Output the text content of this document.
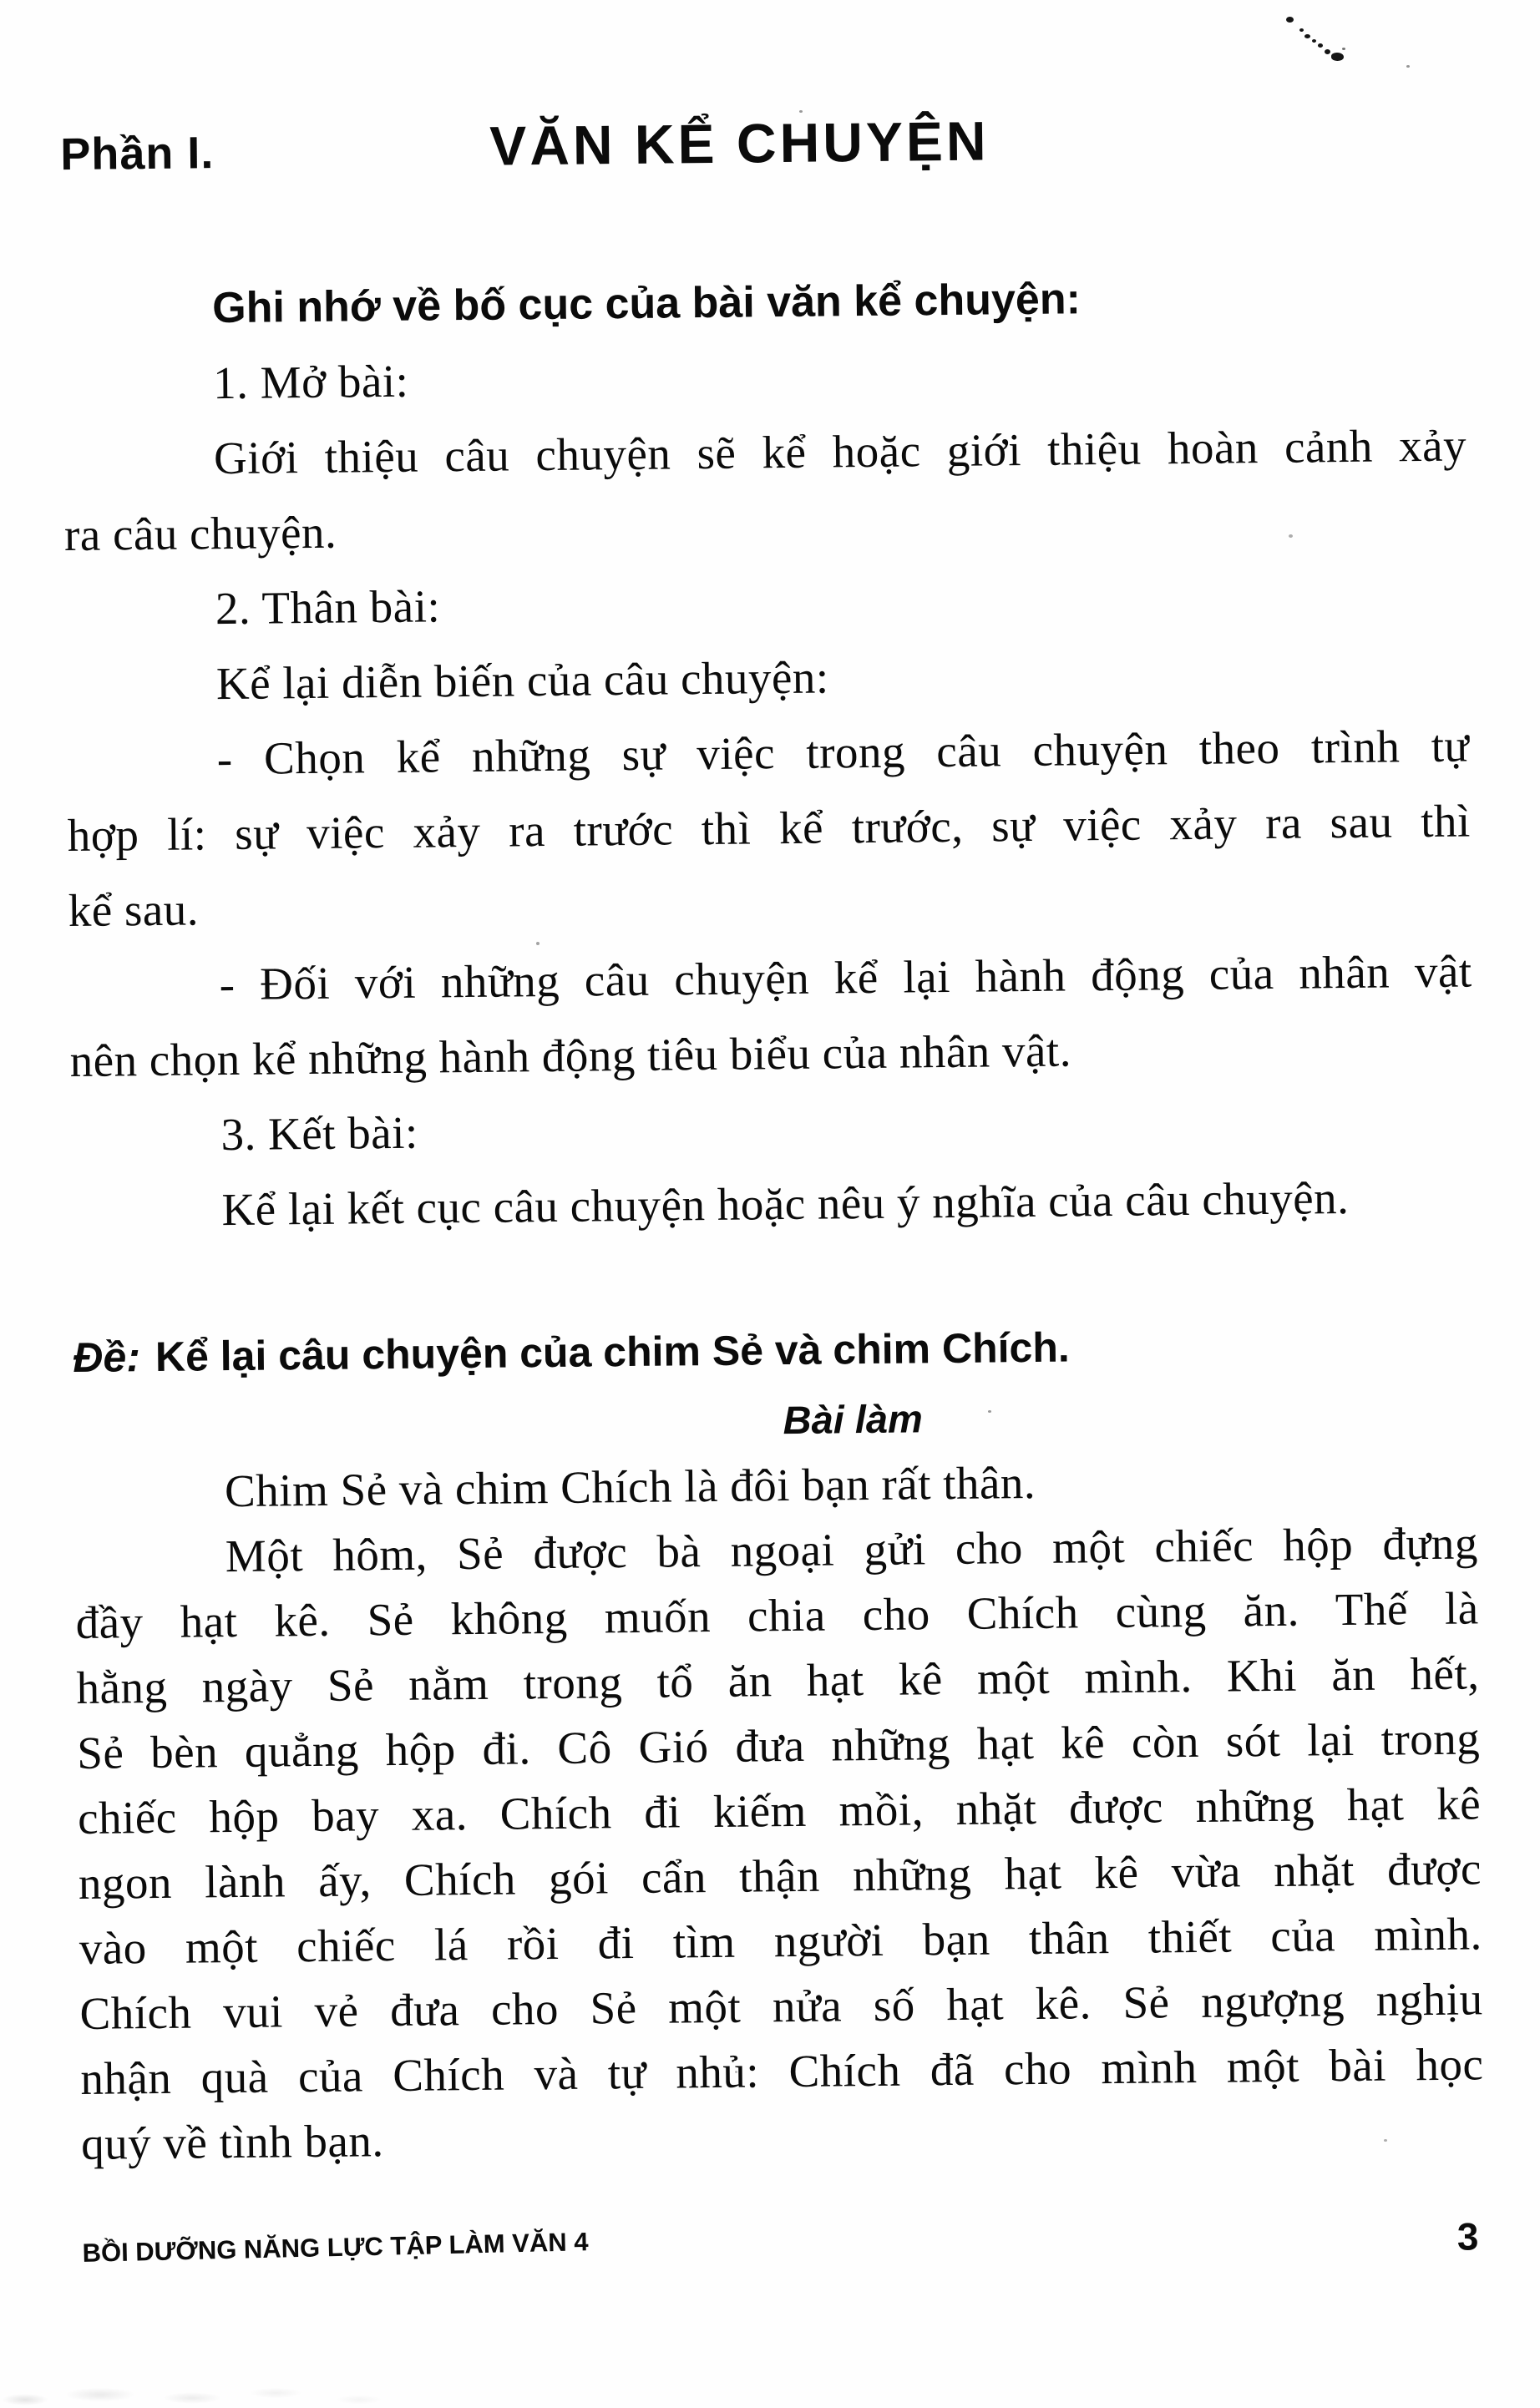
Phần I.	VĂN KỂ CHUYỆN
Ghi nhớ về bố cục của bài văn kể chuyện:
1. Mở bài:
Giới thiệu câu chuyện sẽ kể hoặc giới thiệu hoàn cảnh xảy
ra câu chuyện.
2. Thân bài:
Kể lại diễn biến của câu chuyện:
- Chọn kể những sự việc trong câu chuyện theo trình tự
hợp lí: sự việc xảy ra trước thì kể trước, sự việc xảy ra sau thì
kể sau.
- Đối với những câu chuyện kể lại hành động của nhân vật
nên chọn kể những hành động tiêu biểu của nhân vật.
3. Kết bài:
Kể lại kết cục câu chuyện hoặc nêu ý nghĩa của câu chuyện.
Đề: Kể lại câu chuyện của chim Sẻ và chim Chích.
Bài làm
Chim Sẻ và chim Chích là đôi bạn rất thân.
Một hôm, Sẻ được bà ngoại gửi cho một chiếc hộp đựng
đầy hạt kê. Sẻ không muốn chia cho Chích cùng ăn. Thế là
hằng ngày Sẻ nằm trong tổ ăn hạt kê một mình. Khi ăn hết,
Sẻ bèn quẳng hộp đi. Cô Gió đưa những hạt kê còn sót lại trong
chiếc hộp bay xa. Chích đi kiếm mồi, nhặt được những hạt kê
ngon lành ấy, Chích gói cẩn thận những hạt kê vừa nhặt được
vào một chiếc lá rồi đi tìm người bạn thân thiết của mình.
Chích vui vẻ đưa cho Sẻ một nửa số hạt kê. Sẻ ngượng nghịu
nhận quà của Chích và tự nhủ: Chích đã cho mình một bài học
quý về tình bạn.
BỒI DƯỠNG NĂNG LỰC TẬP LÀM VĂN 4	3
